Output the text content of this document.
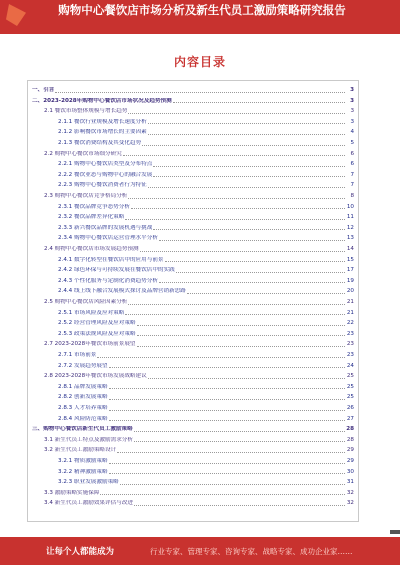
购物中心餐饮店市场分析及新生代员工激励策略研究报告
内容目录
一、引言	3
二、2023-2028年购物中心餐饮店市场状况及趋势预测	3
2.1 餐饮市场整体规模与增长趋势	3
2.1.1 餐饮行业规模及增长速度分析	3
2.1.2 影响餐饮市场增长的主要因素	4
2.1.3 餐饮消费结构及其变化趋势	5
2.2 购物中心餐饮市场细分研究	6
2.2.1 购物中心餐饮店类型及分布特点	6
2.2.2 餐饮业态与购物中心的融合发展	7
2.2.3 购物中心餐饮消费者行为特征	7
2.3 购物中心餐饮店竞争格局分析	8
2.3.1 餐饮品牌竞争态势分析	10
2.3.2 餐饮品牌差异化策略	11
2.3.3 新兴餐饮品牌的发展机遇与挑战	12
2.3.4 购物中心餐饮店运营管理水平分析	13
2.4 购物中心餐饮店市场发展趋势预测	14
2.4.1 数字化转型在餐饮店中的应用与前景	15
2.4.2 绿色环保与可持续发展在餐饮店中的实践	17
2.4.3 个性化服务与定制化消费趋势分析	19
2.4.4 线上线下融合发展模式探讨及品牌营销新思路	20
2.5 购物中心餐饮店风险因素分析	21
2.5.1 市场风险及应对策略	21
2.5.2 经营管理风险及应对策略	22
2.5.3 政策法规风险及应对策略	23
2.7 2023-2028年餐饮市场前景展望	23
2.7.1 市场前景	23
2.7.2 发展趋势展望	24
2.8 2023-2028年餐饮市场发展战略建议	25
2.8.1 品牌发展策略	25
2.8.2 创新发展策略	25
2.8.3 人才培养策略	26
2.8.4 风险防范策略	27
三、购物中心餐饮店新生代员工激励策略	28
3.1 新生代员工特点及激励需求分析	28
3.2 新生代员工激励策略设计	29
3.2.1 物质激励策略	29
3.2.2 精神激励策略	30
3.2.3 职业发展激励策略	31
3.3 激励策略实施保障	32
3.4 新生代员工激励效果评估与改进	32
让每个人都能成为	行业专家、管理专家、咨询专家、战略专家、成功企业家……
